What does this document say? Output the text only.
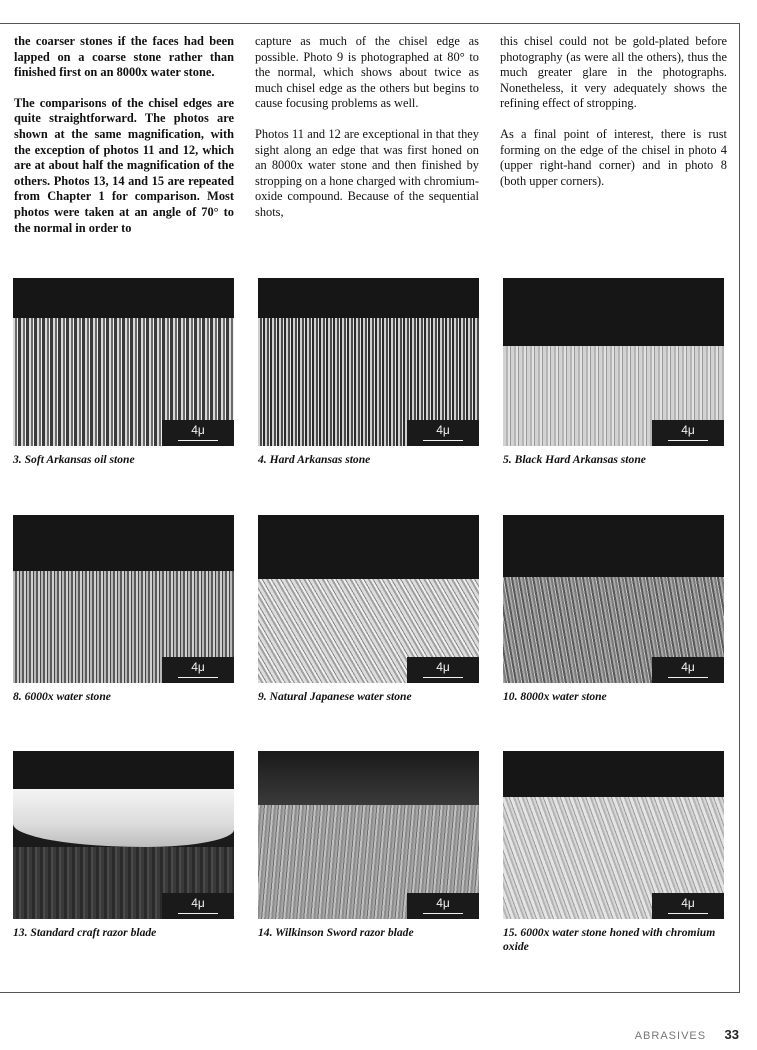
the coarser stones if the faces had been lapped on a coarse stone rather than finished first on an 8000x water stone.

The comparisons of the chisel edges are quite straightforward. The photos are shown at the same magnification, with the exception of photos 11 and 12, which are at about half the magnification of the others. Photos 13, 14 and 15 are repeated from Chapter 1 for comparison. Most photos were taken at an angle of 70° to the normal in order to

capture as much of the chisel edge as possible. Photo 9 is photographed at 80° to the normal, which shows about twice as much chisel edge as the others but begins to cause focusing problems as well.

Photos 11 and 12 are exceptional in that they sight along an edge that was first honed on an 8000x water stone and then finished by stropping on a hone charged with chromium-oxide compound. Because of the sequential shots,

this chisel could not be gold-plated before photography (as were all the others), thus the much greater glare in the photographs. Nonetheless, it very adequately shows the refining effect of stropping.

As a final point of interest, there is rust forming on the edge of the chisel in photo 4 (upper right-hand corner) and in photo 8 (both upper corners).

4μ
3. Soft Arkansas oil stone
4μ
4. Hard Arkansas stone
4μ
5. Black Hard Arkansas stone
4μ
8. 6000x water stone
4μ
9. Natural Japanese water stone
4μ
10. 8000x water stone
4μ
13. Standard craft razor blade
4μ
14. Wilkinson Sword razor blade
4μ
15. 6000x water stone honed with chromium oxide
ABRASIVES 33
